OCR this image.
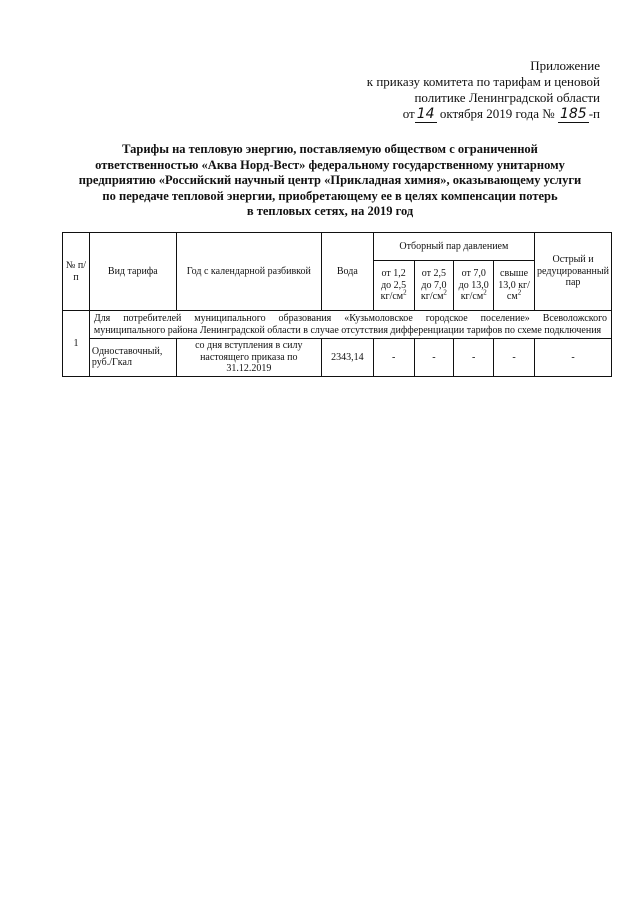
Приложение
к приказу комитета по тарифам и ценовой
политике Ленинградской области
от 14 октября 2019 года № 185 -п
Тарифы на тепловую энергию, поставляемую обществом с ограниченной
ответственностью «Аква Норд-Вест» федеральному государственному унитарному
предприятию «Российский научный центр «Прикладная химия», оказывающему услуги
по передаче тепловой энергии, приобретающему ее в целях компенсации потерь
в тепловых сетях, на 2019 год
№ п/п	Вид тарифа	Год с календарной разбивкой	Вода	Отборный пар давлением				Острый и редуцированный пар
				от 1,2 до 2,5 $кг/см^2$	от 2,5 до 7,0 $кг/см^2$	от 7,0 до 13,0 $кг/см^2$	свыше 13,0 $кг/см^2$
1	Для потребителей муниципального образования «Кузьмоловское городское поселение» Всеволожского муниципального района Ленинградской области в случае отсутствия дифференциации тарифов по схеме подключения							
	Одноставочный, руб./Гкал	со дня вступления в силу настоящего приказа по 31.12.2019	2343,14	-	-	-	-	-
